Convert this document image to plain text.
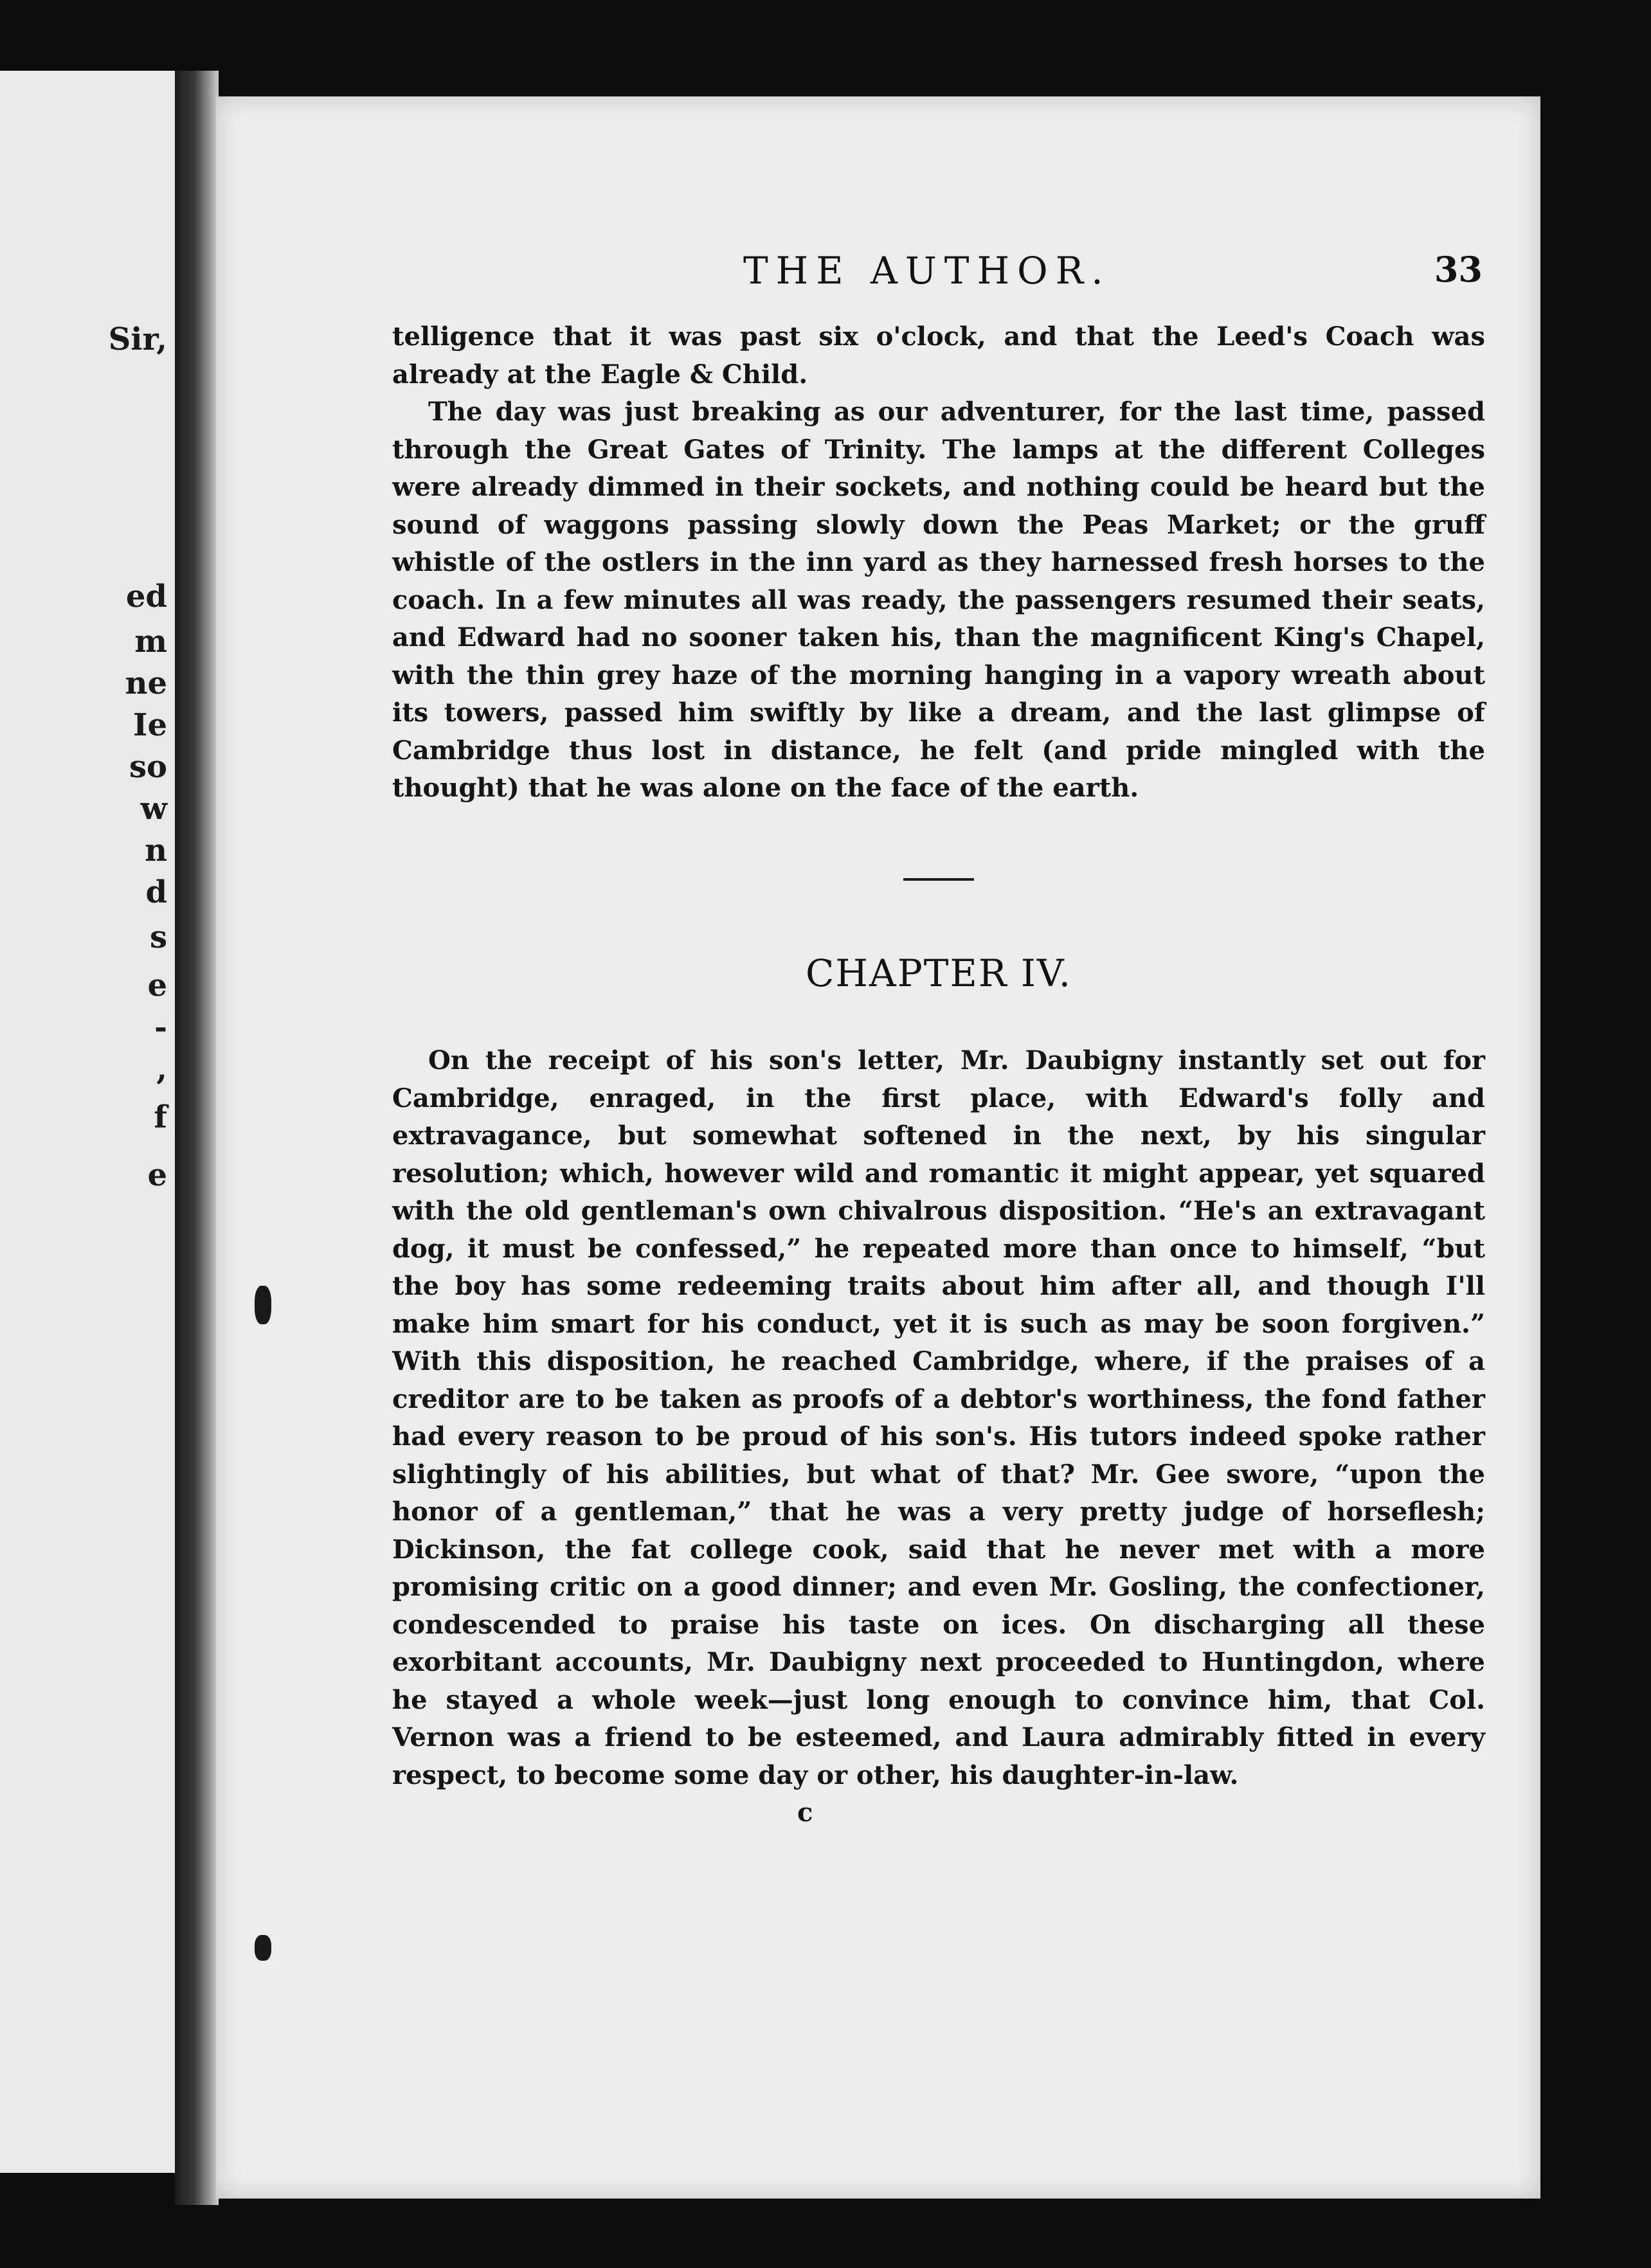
Sir,
ed
m
ne
Ie
so
w
n
d
s
e
-
,
f
e
THE AUTHOR.	33

telligence that it was past six o'clock, and that the Leed's Coach was already at the Eagle & Child.

The day was just breaking as our adventurer, for the last time, passed through the Great Gates of Trinity. The lamps at the different Colleges were already dimmed in their sockets, and nothing could be heard but the sound of waggons passing slowly down the Peas Market; or the gruff whistle of the ostlers in the inn yard as they harnessed fresh horses to the coach. In a few minutes all was ready, the passengers resumed their seats, and Edward had no sooner taken his, than the magnificent King's Chapel, with the thin grey haze of the morning hanging in a vapory wreath about its towers, passed him swiftly by like a dream, and the last glimpse of Cambridge thus lost in distance, he felt (and pride mingled with the thought) that he was alone on the face of the earth.

CHAPTER IV.

On the receipt of his son's letter, Mr. Daubigny instantly set out for Cambridge, enraged, in the first place, with Edward's folly and extravagance, but somewhat softened in the next, by his singular resolution; which, however wild and romantic it might appear, yet squared with the old gentleman's own chivalrous disposition. “He's an extravagant dog, it must be confessed,” he repeated more than once to himself, “but the boy has some redeeming traits about him after all, and though I'll make him smart for his conduct, yet it is such as may be soon forgiven.” With this disposition, he reached Cambridge, where, if the praises of a creditor are to be taken as proofs of a debtor's worthiness, the fond father had every reason to be proud of his son's. His tutors indeed spoke rather slightingly of his abilities, but what of that? Mr. Gee swore, “upon the honor of a gentleman,” that he was a very pretty judge of horseflesh; Dickinson, the fat college cook, said that he never met with a more promising critic on a good dinner; and even Mr. Gosling, the confectioner, condescended to praise his taste on ices. On discharging all these exorbitant accounts, Mr. Daubigny next proceeded to Huntingdon, where he stayed a whole week—just long enough to convince him, that Col. Vernon was a friend to be esteemed, and Laura admirably fitted in every respect, to become some day or other, his daughter-in-law.

c
